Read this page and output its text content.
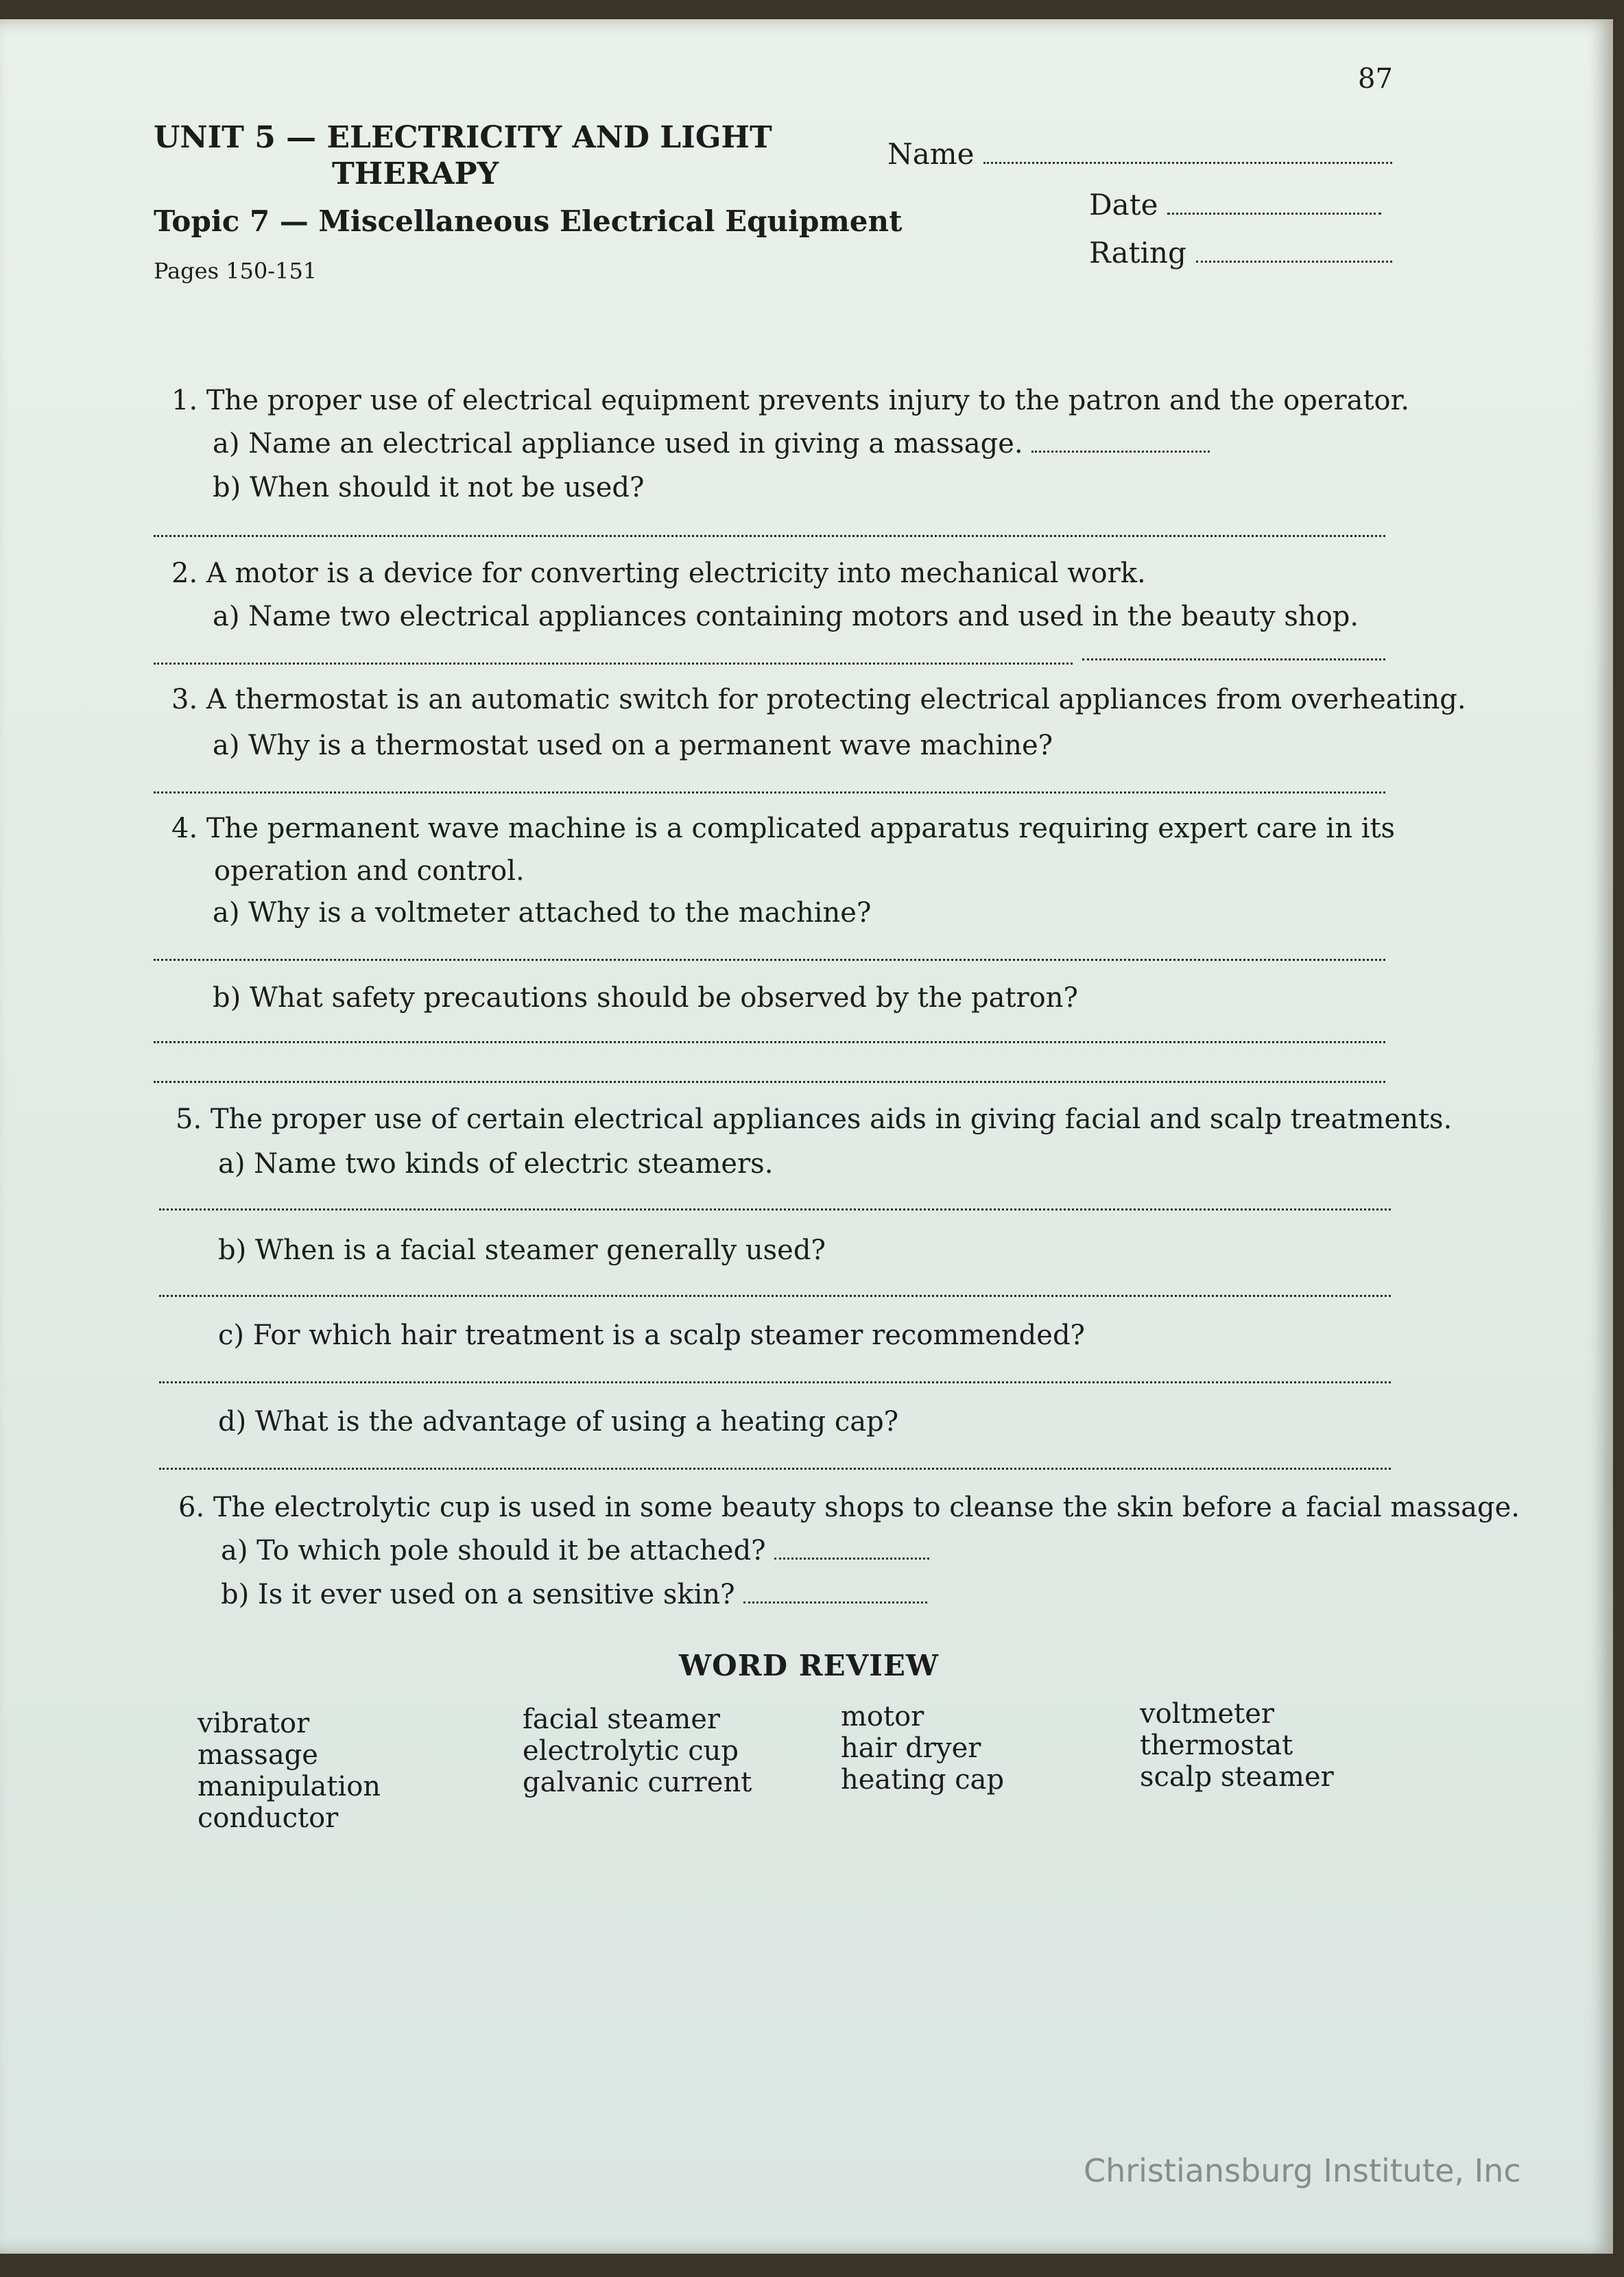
87
UNIT 5 — ELECTRICITY AND LIGHT
THERAPY
Topic 7 — Miscellaneous Electrical Equipment
Pages 150-151
Name
Date
Rating
1. The proper use of electrical equipment prevents injury to the patron and the operator.
a) Name an electrical appliance used in giving a massage.
b) When should it not be used?
2. A motor is a device for converting electricity into mechanical work.
a) Name two electrical appliances containing motors and used in the beauty shop.
3. A thermostat is an automatic switch for protecting electrical appliances from overheating.
a) Why is a thermostat used on a permanent wave machine?
4. The permanent wave machine is a complicated apparatus requiring expert care in its
operation and control.
a) Why is a voltmeter attached to the machine?
b) What safety precautions should be observed by the patron?
5. The proper use of certain electrical appliances aids in giving facial and scalp treatments.
a) Name two kinds of electric steamers.
b) When is a facial steamer generally used?
c) For which hair treatment is a scalp steamer recommended?
d) What is the advantage of using a heating cap?
6. The electrolytic cup is used in some beauty shops to cleanse the skin before a facial massage.
a) To which pole should it be attached?
b) Is it ever used on a sensitive skin?
WORD REVIEW
vibrator
massage
manipulation
conductor
facial steamer
electrolytic cup
galvanic current
motor
hair dryer
heating cap
voltmeter
thermostat
scalp steamer
Christiansburg Institute, Inc
